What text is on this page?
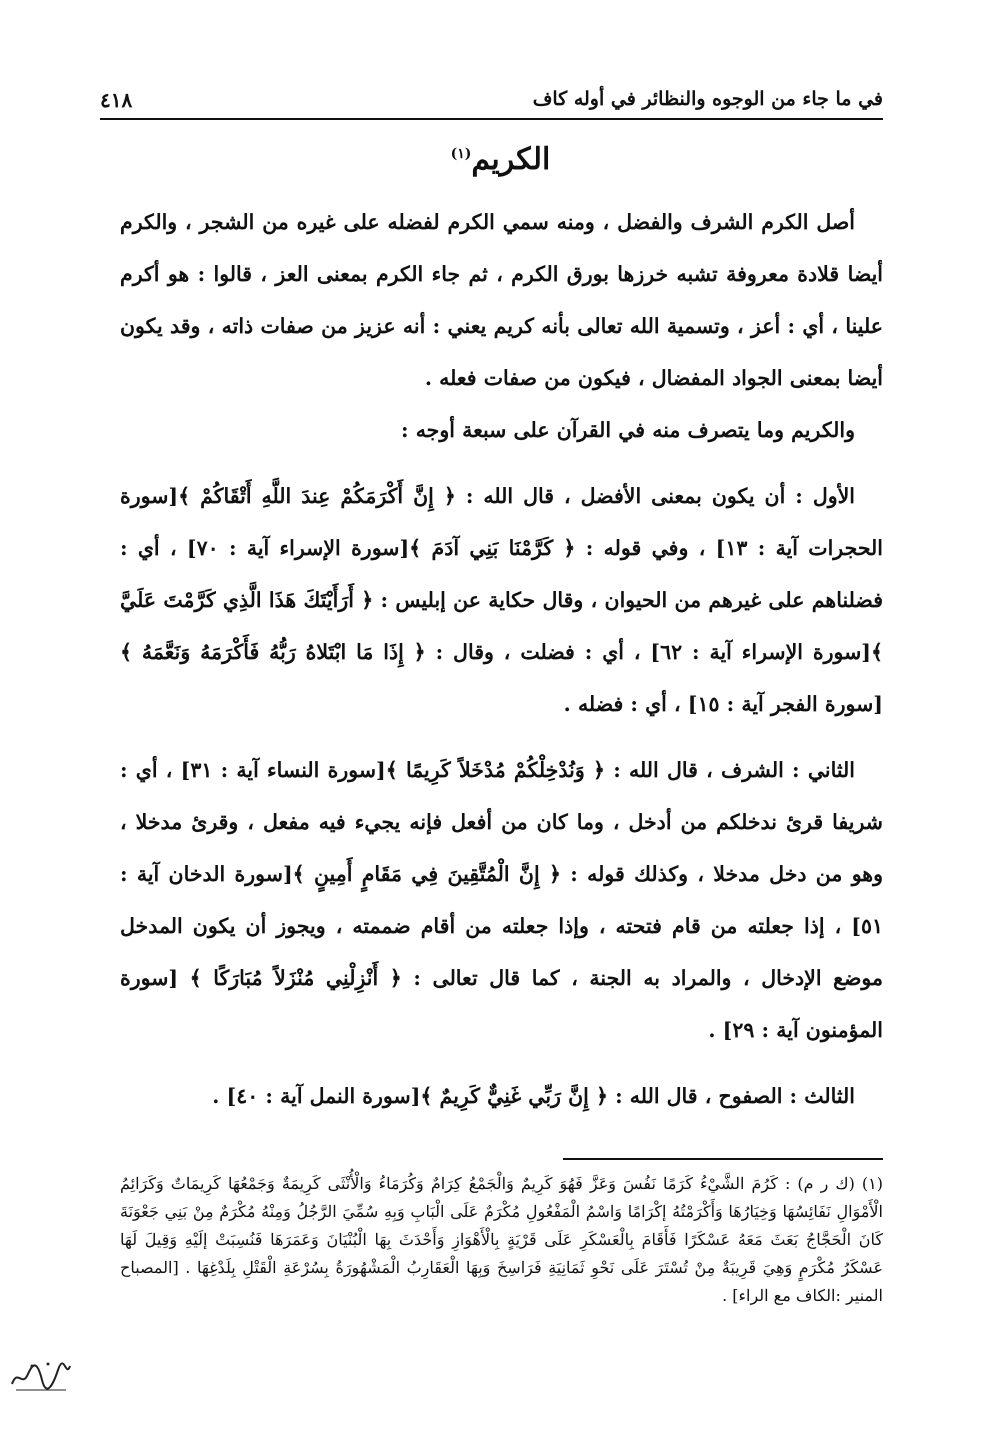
في ما جاء من الوجوه والنظائر في أوله كاف
٤١٨
الكريم$^{(١)}$

أصل الكرم الشرف والفضل ، ومنه سمي الكرم لفضله على غيره من الشجر ، والكرم أيضا قلادة معروفة تشبه خرزها بورق الكرم ، ثم جاء الكرم بمعنى العز ، قالوا : هو أكرم علينا ، أي : أعز ، وتسمية الله تعالى بأنه كريم يعني : أنه عزيز من صفات ذاته ، وقد يكون أيضا بمعنى الجواد المفضال ، فيكون من صفات فعله .

والكريم وما يتصرف منه في القرآن على سبعة أوجه :

الأول : أن يكون بمعنى الأفضل ، قال الله : ﴿ إِنَّ أَكْرَمَكُمْ عِندَ اللَّهِ أَتْقَاكُمْ ﴾[سورة الحجرات آية : ١٣] ، وفي قوله : ﴿ كَرَّمْنَا بَنِي آدَمَ ﴾[سورة الإسراء آية : ٧٠] ، أي : فضلناهم على غيرهم من الحيوان ، وقال حكاية عن إبليس : ﴿ أَرَأَيْتَكَ هَذَا الَّذِي كَرَّمْتَ عَلَيَّ ﴾[سورة الإسراء آية : ٦٢] ، أي : فضلت ، وقال : ﴿ إِذَا مَا ابْتَلاهُ رَبُّهُ فَأَكْرَمَهُ وَنَعَّمَهُ ﴾[سورة الفجر آية : ١٥] ، أي : فضله .

الثاني : الشرف ، قال الله : ﴿ وَنُدْخِلْكُمْ مُدْخَلاً كَرِيمًا ﴾[سورة النساء آية : ٣١] ، أي : شريفا قرئ ندخلكم من أدخل ، وما كان من أفعل فإنه يجيء فيه مفعل ، وقرئ مدخلا ، وهو من دخل مدخلا ، وكذلك قوله : ﴿ إِنَّ الْمُتَّقِينَ فِي مَقَامٍ أَمِينٍ ﴾[سورة الدخان آية : ٥١] ، إذا جعلته من قام فتحته ، وإذا جعلته من أقام ضممته ، ويجوز أن يكون المدخل موضع الإدخال ، والمراد به الجنة ، كما قال تعالى : ﴿ أَنْزِلْنِي مُنْزَلاً مُبَارَكًا ﴾ [سورة المؤمنون آية : ٢٩] .

الثالث : الصفوح ، قال الله : ﴿ إِنَّ رَبِّي غَنِيٌّ كَرِيمٌ ﴾[سورة النمل آية : ٤٠] .

(١) (ك ر م) : كَرُمَ الشَّيْءُ كَرَمًا نَفُسَ وَعَزَّ فَهُوَ كَرِيمٌ وَالْجَمْعُ كِرَامٌ وَكُرَمَاءُ وَالْأُنْثَى كَرِيمَةٌ وَجَمْعُهَا كَرِيمَاتٌ وَكَرَائِمُ الْأَمْوَالِ نَفَائِسُهَا وَخِيَارُهَا وَأَكْرَمْتُهُ إكْرَامًا وَاسْمُ الْمَفْعُولِ مُكْرَمٌ عَلَى الْبَابِ وَبِهِ سُمِّيَ الرَّجُلُ وَمِنْهُ مُكْرَمٌ مِنْ بَنِي جَعْوَنَةَ كَانَ الْحَجَّاجُ بَعَثَ مَعَهُ عَسْكَرًا فَأَقَامَ بِالْعَسْكَرِ عَلَى قَرْيَةٍ بِالْأَهْوَازِ وَأَحْدَثَ بِهَا الْبُنْيَانَ وَعَمَرَهَا فَنُسِبَتْ إلَيْهِ وَقِيلَ لَهَا عَسْكَرُ مُكْرَمٍ وَهِيَ قَرِيبَةٌ مِنْ تُسْتَرَ عَلَى نَحْوِ ثَمَانِيَةِ فَرَاسِخَ وَبِهَا الْعَقَارِبُ الْمَشْهُورَةُ بِسُرْعَةِ الْقَتْلِ بِلَدْغِهَا . [المصباح المنير :الكاف مع الراء] .
